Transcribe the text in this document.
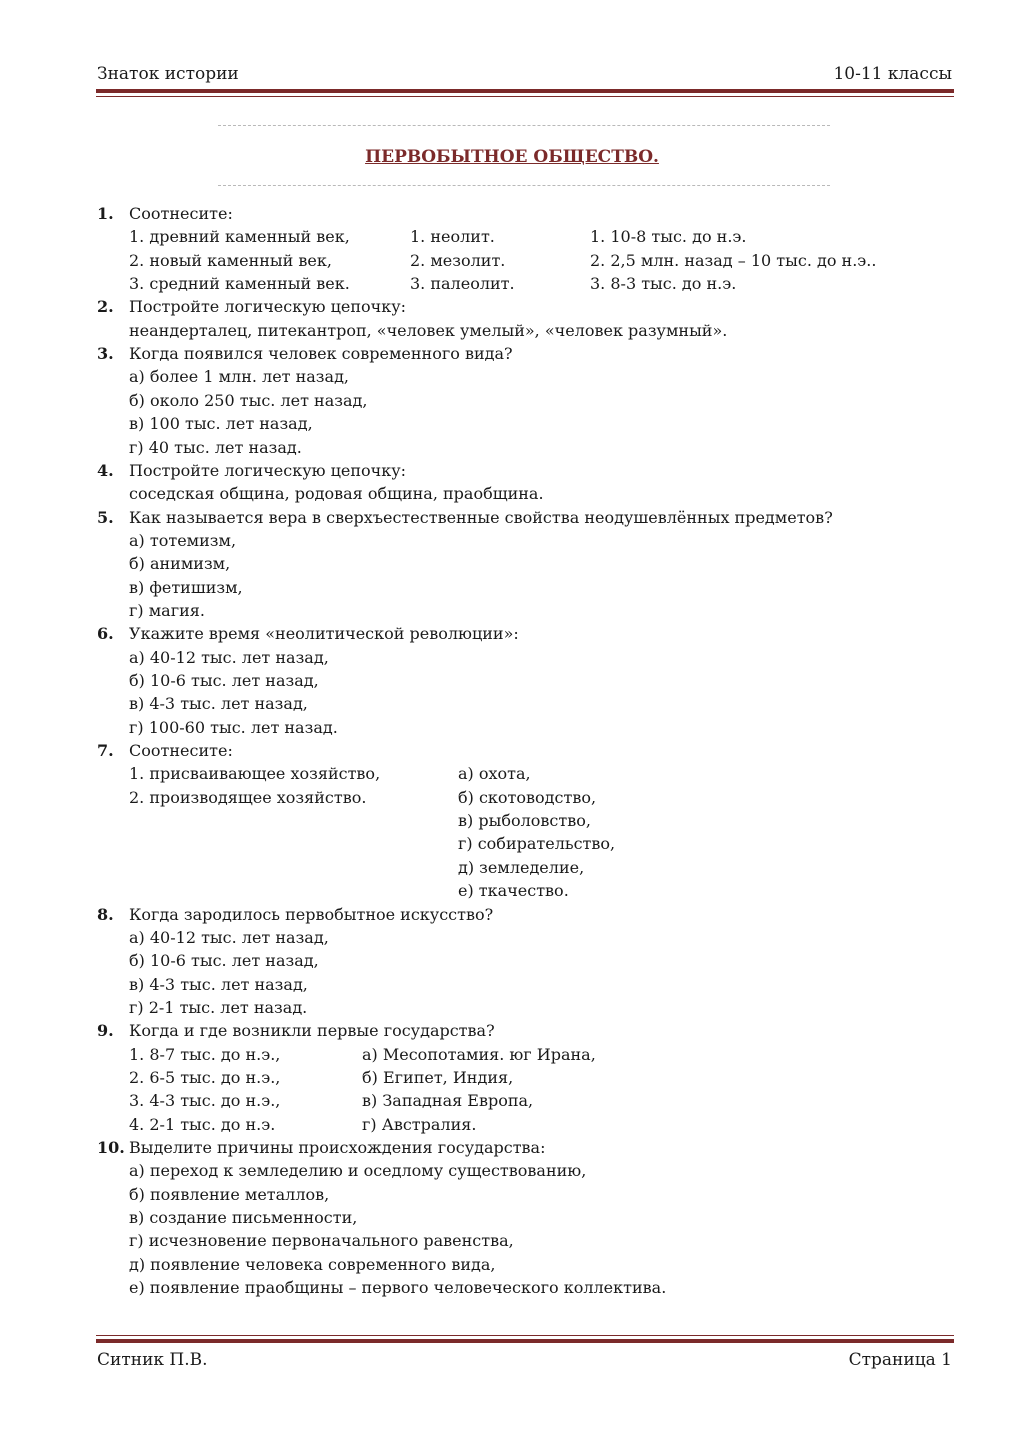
Знаток истории	10-11 классы
ПЕРВОБЫТНОЕ ОБЩЕСТВО.
1. Соотнесите:
1. древний каменный век,	1. неолит.	1. 10-8 тыс. до н.э.
2. новый каменный век,	2. мезолит.	2. 2,5 млн. назад – 10 тыс. до н.э..
3. средний каменный век.	3. палеолит.	3. 8-3 тыс. до н.э.
2. Постройте логическую цепочку:
неандерталец, питекантроп, «человек умелый», «человек разумный».
3. Когда появился человек современного вида?
а) более 1 млн. лет назад,
б) около 250 тыс. лет назад,
в) 100 тыс. лет назад,
г) 40 тыс. лет назад.
4. Постройте логическую цепочку:
соседская община, родовая община, праобщина.
5. Как называется вера в сверхъестественные свойства неодушевлённых предметов?
а) тотемизм,
б) анимизм,
в) фетишизм,
г) магия.
6. Укажите время «неолитической революции»:
а) 40-12 тыс. лет назад,
б) 10-6 тыс. лет назад,
в) 4-3 тыс. лет назад,
г) 100-60 тыс. лет назад.
7. Соотнесите:
1. присваивающее хозяйство,	а) охота,
2. производящее хозяйство.	б) скотоводство,
в) рыболовство,
г) собирательство,
д) земледелие,
е) ткачество.
8. Когда зародилось первобытное искусство?
а) 40-12 тыс. лет назад,
б) 10-6 тыс. лет назад,
в) 4-3 тыс. лет назад,
г) 2-1 тыс. лет назад.
9. Когда и где возникли первые государства?
1. 8-7 тыс. до н.э.,	а) Месопотамия. юг Ирана,
2. 6-5 тыс. до н.э.,	б) Египет, Индия,
3. 4-3 тыс. до н.э.,	в) Западная Европа,
4. 2-1 тыс. до н.э.	г) Австралия.
10. Выделите причины происхождения государства:
а) переход к земледелию и оседлому существованию,
б) появление металлов,
в) создание письменности,
г) исчезновение первоначального равенства,
д) появление человека современного вида,
е) появление праобщины – первого человеческого коллектива.
Ситник П.В.	Страница 1
